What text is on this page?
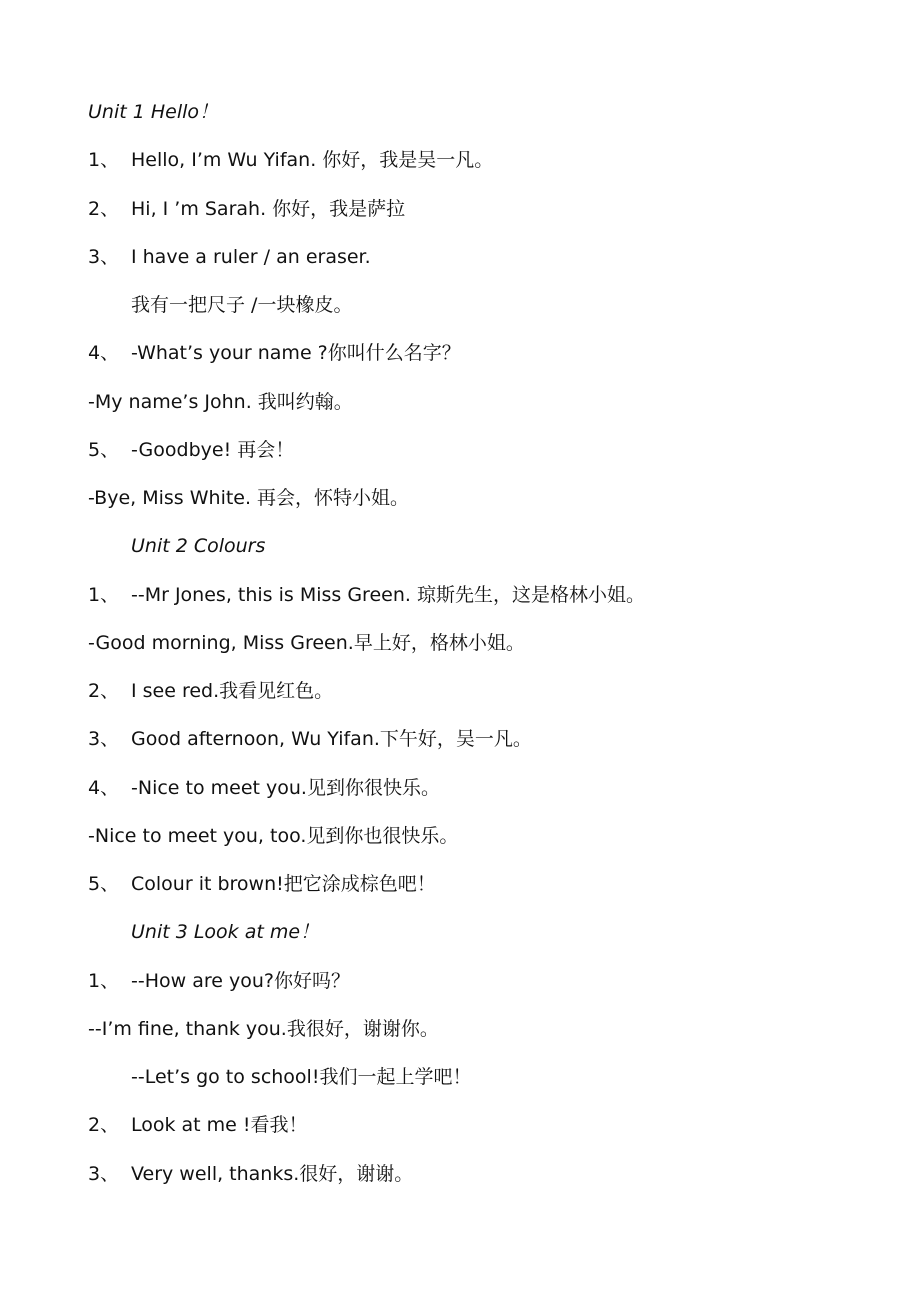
Unit 1 Hello！
1、 Hello, I’m Wu Yifan. 你好，我是吴一凡。
2、 Hi, I ’m Sarah. 你好，我是萨拉
3、 I have a ruler / an eraser.
我有一把尺子 /一块橡皮。
4、 -What’s your name ?你叫什么名字？
-My name’s John. 我叫约翰。
5、 -Goodbye! 再会！
-Bye, Miss White. 再会，怀特小姐。
Unit 2 Colours
1、 --Mr Jones, this is Miss Green. 琼斯先生，这是格林小姐。
-Good morning, Miss Green.早上好，格林小姐。
2、 I see red.我看见红色。
3、 Good afternoon, Wu Yifan.下午好，吴一凡。
4、 -Nice to meet you.见到你很快乐。
-Nice to meet you, too.见到你也很快乐。
5、 Colour it brown!把它涂成棕色吧！
Unit 3 Look at me！
1、 --How are you?你好吗？
--I’m fine, thank you.我很好，谢谢你。
--Let’s go to school!我们一起上学吧！
2、 Look at me !看我！
3、 Very well, thanks.很好，谢谢。
